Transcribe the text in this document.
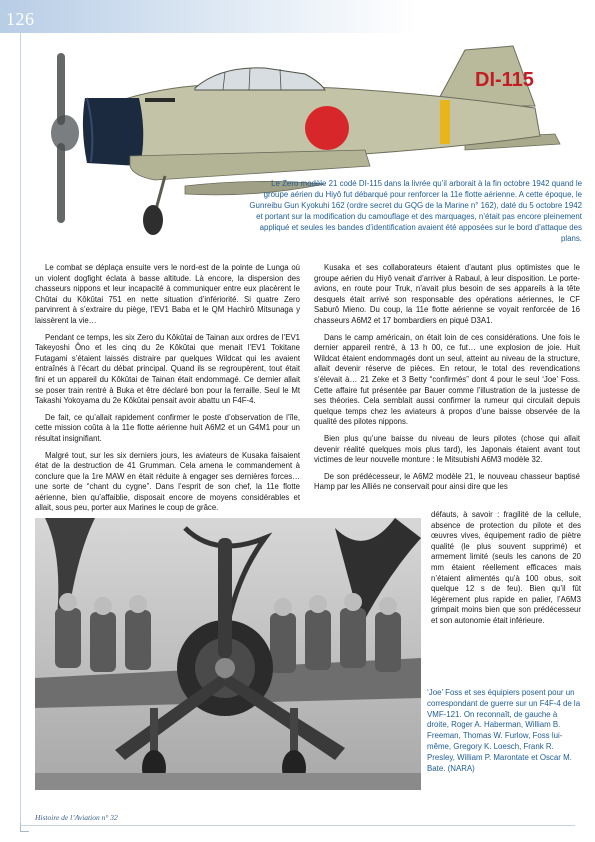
126
DI-115
Le Zero modèle 21 codé DI-115 dans la livrée qu’il arborait à la fin octobre 1942 quand le groupe aérien du Hiyô fut débarqué pour renforcer la 11e flotte aérienne. A cette époque, le Gunreibu Gun Kyokuhi 162 (ordre secret du GQG de la Marine n° 162), daté du 5 octobre 1942 et portant sur la modification du camouflage et des marquages, n’était pas encore pleinement appliqué et seules les bandes d’identification avaient été apposées sur le bord d’attaque des plans.

Le combat se déplaça ensuite vers le nord-est de la pointe de Lunga où un violent dogfight éclata à basse altitude. Là encore, la dispersion des chasseurs nippons et leur incapacité à communiquer entre eux placèrent le Chûtai du Kôkûtai 751 en nette situation d’infériorité. Si quatre Zero parvinrent à s’extraire du piège, l’EV1 Baba et le QM Hachirô Mitsunaga y laissèrent la vie…

Pendant ce temps, les six Zero du Kôkûtai de Tainan aux ordres de l’EV1 Takeyoshi Ôno et les cinq du 2e Kôkûtai que menait l’EV1 Tokitane Futagami s’étaient laissés distraire par quelques Wildcat qui les avaient entraînés à l’écart du débat principal. Quand ils se regroupèrent, tout était fini et un appareil du Kôkûtai de Tainan était endommagé. Ce dernier allait se poser train rentré à Buka et être déclaré bon pour la ferraille. Seul le Mt Takashi Yokoyama du 2e Kôkûtai pensait avoir abattu un F4F-4.

De fait, ce qu’allait rapidement confirmer le poste d’observation de l’île, cette mission coûta à la 11e flotte aérienne huit A6M2 et un G4M1 pour un résultat insignifiant.

Malgré tout, sur les six derniers jours, les aviateurs de Kusaka faisaient état de la destruction de 41 Grumman. Cela amena le commandement à conclure que la 1re MAW en était réduite à engager ses dernières forces… une sorte de “chant du cygne”. Dans l’esprit de son chef, la 11e flotte aérienne, bien qu’affaiblie, disposait encore de moyens considérables et allait, sous peu, porter aux Marines le coup de grâce.

Kusaka et ses collaborateurs étaient d’autant plus optimistes que le groupe aérien du Hiyô venait d’arriver à Rabaul, à leur disposition. Le porte-avions, en route pour Truk, n’avait plus besoin de ses appareils à la tête desquels était arrivé son responsable des opérations aériennes, le CF Saburô Mieno. Du coup, la 11e flotte aérienne se voyait renforcée de 16 chasseurs A6M2 et 17 bombardiers en piqué D3A1.

Dans le camp américain, on était loin de ces considérations. Une fois le dernier appareil rentré, à 13 h 00, ce fut… une explosion de joie. Huit Wildcat étaient endommagés dont un seul, atteint au niveau de la structure, allait devenir réserve de pièces. En retour, le total des revendications s’élevait à… 21 Zeke et 3 Betty “confirmés” dont 4 pour le seul ‘Joe’ Foss. Cette affaire fut présentée par Bauer comme l’illustration de la justesse de ses théories. Cela semblait aussi confirmer la rumeur qui circulait depuis quelque temps chez les aviateurs à propos d’une baisse observée de la qualité des pilotes nippons.

Bien plus qu’une baisse du niveau de leurs pilotes (chose qui allait devenir réalité quelques mois plus tard), les Japonais étaient avant tout victimes de leur nouvelle monture : le Mitsubishi A6M3 modèle 32.

De son prédécesseur, le A6M2 modèle 21, le nouveau chasseur baptisé Hamp par les Alliés ne conservait pour ainsi dire que les

défauts, à savoir : fragilité de la cellule, absence de protection du pilote et des œuvres vives, équipement radio de piètre qualité (le plus souvent supprimé) et armement limité (seuls les canons de 20 mm étaient réellement efficaces mais n’étaient alimentés qu’à 100 obus, soit quelque 12 s de feu). Bien qu’il fût légèrement plus rapide en palier, l’A6M3 grimpait moins bien que son prédécesseur et son autonomie était inférieure.

‘Joe’ Foss et ses équipiers posent pour un correspondant de guerre sur un F4F-4 de la VMF-121. On reconnaît, de gauche à droite, Roger A. Haberman, William B. Freeman, Thomas W. Furlow, Foss lui-même, Gregory K. Loesch, Frank R. Presley, William P. Marontate et Oscar M. Bate. (NARA)
Histoire de l’Aviation n° 32
